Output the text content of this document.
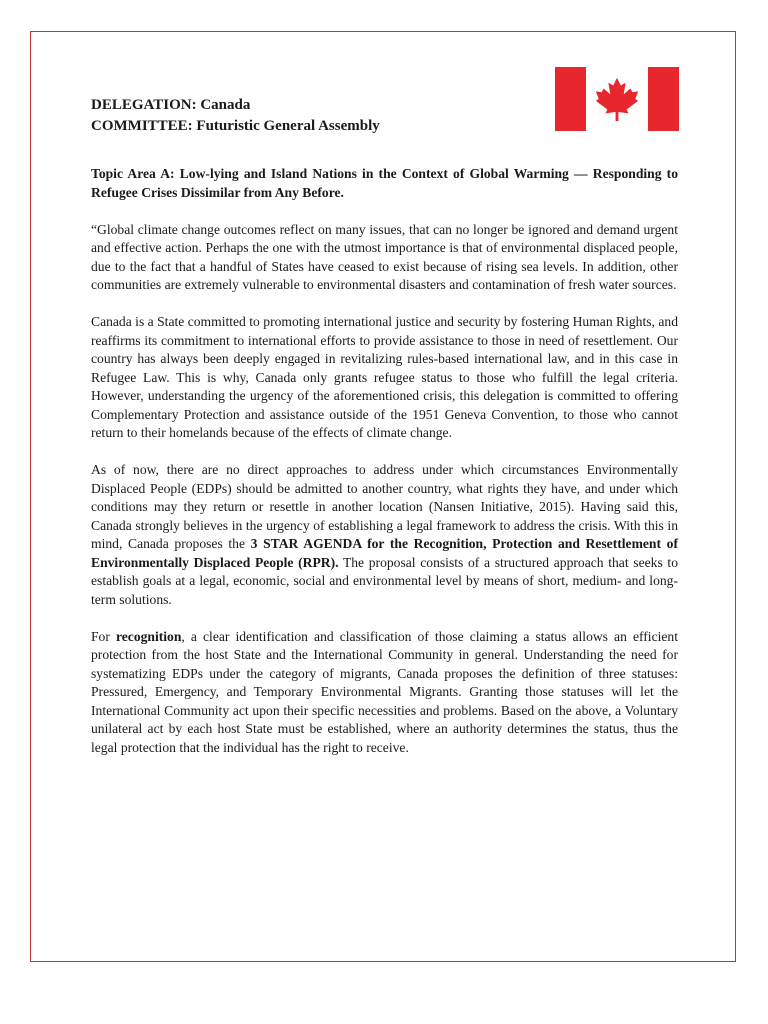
DELEGATION: Canada
COMMITTEE: Futuristic General Assembly

Topic Area A: Low-lying and Island Nations in the Context of Global Warming — Responding to Refugee Crises Dissimilar from Any Before.

“Global climate change outcomes reflect on many issues, that can no longer be ignored and demand urgent and effective action. Perhaps the one with the utmost importance is that of environmental displaced people, due to the fact that a handful of States have ceased to exist because of rising sea levels. In addition, other communities are extremely vulnerable to environmental disasters and contamination of fresh water sources.

Canada is a State committed to promoting international justice and security by fostering Human Rights, and reaffirms its commitment to international efforts to provide assistance to those in need of resettlement. Our country has always been deeply engaged in revitalizing rules-based international law, and in this case in Refugee Law. This is why, Canada only grants refugee status to those who fulfill the legal criteria. However, understanding the urgency of the aforementioned crisis, this delegation is committed to offering Complementary Protection and assistance outside of the 1951 Geneva Convention, to those who cannot return to their homelands because of the effects of climate change.

As of now, there are no direct approaches to address under which circumstances Environmentally Displaced People (EDPs) should be admitted to another country, what rights they have, and under which conditions may they return or resettle in another location (Nansen Initiative, 2015). Having said this, Canada strongly believes in the urgency of establishing a legal framework to address the crisis. With this in mind, Canada proposes the 3 STAR AGENDA for the Recognition, Protection and Resettlement of Environmentally Displaced People (RPR). The proposal consists of a structured approach that seeks to establish goals at a legal, economic, social and environmental level by means of short, medium- and long-term solutions.

For recognition, a clear identification and classification of those claiming a status allows an efficient protection from the host State and the International Community in general. Understanding the need for systematizing EDPs under the category of migrants, Canada proposes the definition of three statuses: Pressured, Emergency, and Temporary Environmental Migrants. Granting those statuses will let the International Community act upon their specific necessities and problems. Based on the above, a Voluntary unilateral act by each host State must be established, where an authority determines the status, thus the legal protection that the individual has the right to receive.
